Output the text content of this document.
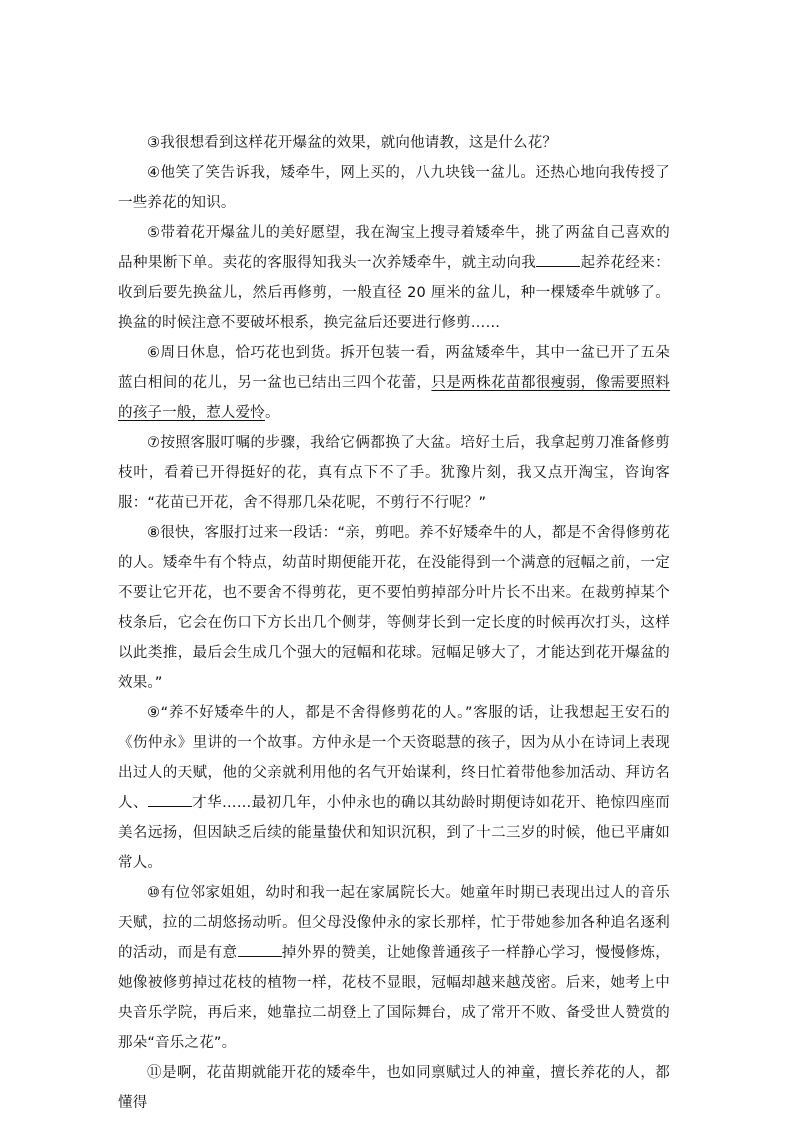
③我很想看到这样花开爆盆的效果，就向他请教，这是什么花？

④他笑了笑告诉我，矮牵牛，网上买的，八九块钱一盆儿。还热心地向我传授了一些养花的知识。

⑤带着花开爆盆儿的美好愿望，我在淘宝上搜寻着矮牵牛，挑了两盆自己喜欢的品种果断下单。卖花的客服得知我头一次养矮牵牛，就主动向我	起养花经来：收到后要先换盆儿，然后再修剪，一般直径 20 厘米的盆儿，种一棵矮牵牛就够了。换盆的时候注意不要破坏根系，换完盆后还要进行修剪……

⑥周日休息，恰巧花也到货。拆开包装一看，两盆矮牵牛，其中一盆已开了五朵蓝白相间的花儿，另一盆也已结出三四个花蕾，只是两株花苗都很瘦弱，像需要照料的孩子一般，惹人爱怜。

⑦按照客服叮嘱的步骤，我给它俩都换了大盆。培好土后，我拿起剪刀准备修剪枝叶，看着已开得挺好的花，真有点下不了手。犹豫片刻，我又点开淘宝，咨询客服：“花苗已开花，舍不得那几朵花呢，不剪行不行呢？”

⑧很快，客服打过来一段话：“亲，剪吧。养不好矮牵牛的人，都是不舍得修剪花的人。矮牵牛有个特点，幼苗时期便能开花，在没能得到一个满意的冠幅之前，一定不要让它开花，也不要舍不得剪花，更不要怕剪掉部分叶片长不出来。在裁剪掉某个枝条后，它会在伤口下方长出几个侧芽，等侧芽长到一定长度的时候再次打头，这样以此类推，最后会生成几个强大的冠幅和花球。冠幅足够大了，才能达到花开爆盆的效果。”

⑨“养不好矮牵牛的人，都是不舍得修剪花的人。”客服的话，让我想起王安石的《伤仲永》里讲的一个故事。方仲永是一个天资聪慧的孩子，因为从小在诗词上表现出过人的天赋，他的父亲就利用他的名气开始谋利，终日忙着带他参加活动、拜访名人、	才华……最初几年，小仲永也的确以其幼龄时期便诗如花开、艳惊四座而美名远扬，但因缺乏后续的能量蛰伏和知识沉积，到了十二三岁的时候，他已平庸如常人。

⑩有位邻家姐姐，幼时和我一起在家属院长大。她童年时期已表现出过人的音乐天赋，拉的二胡悠扬动听。但父母没像仲永的家长那样，忙于带她参加各种追名逐利的活动，而是有意	掉外界的赞美，让她像普通孩子一样静心学习，慢慢修炼，她像被修剪掉过花枝的植物一样，花枝不显眼，冠幅却越来越茂密。后来，她考上中央音乐学院，再后来，她靠拉二胡登上了国际舞台，成了常开不败、备受世人赞赏的那朵“音乐之花”。

⑪是啊，花苗期就能开花的矮牵牛，也如同禀赋过人的神童，擅长养花的人，都懂得
